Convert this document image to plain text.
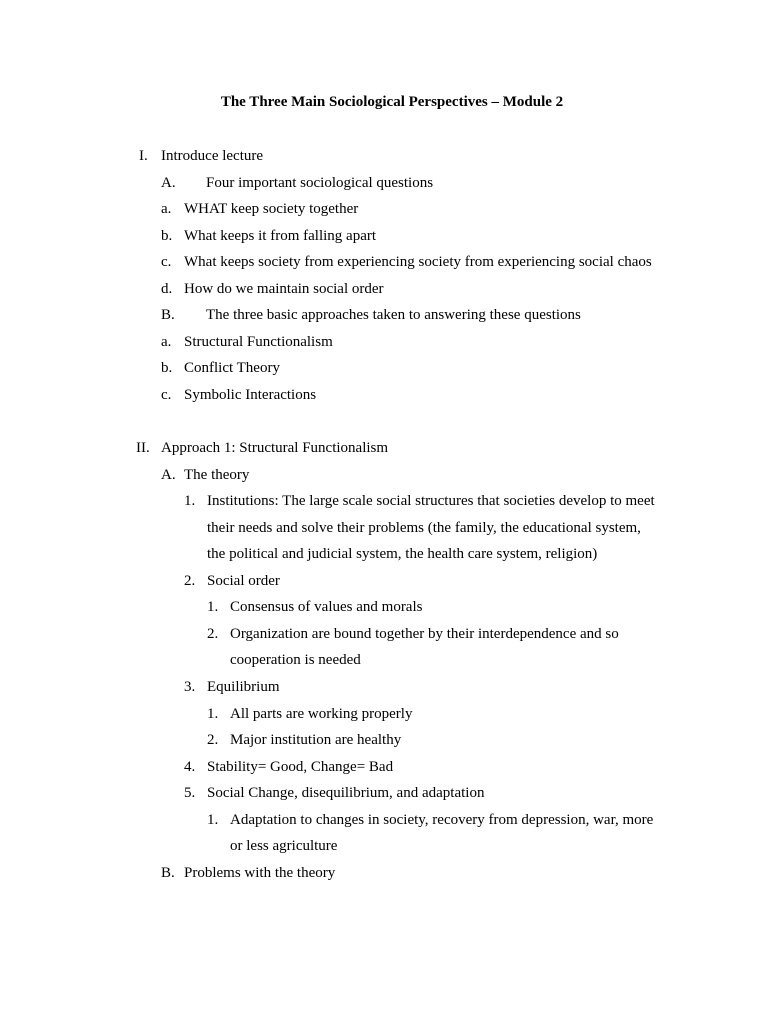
The Three Main Sociological Perspectives – Module 2
I. Introduce lecture
A. Four important sociological questions
a. WHAT keep society together
b. What keeps it from falling apart
c. What keeps society from experiencing society from experiencing social chaos
d. How do we maintain social order
B. The three basic approaches taken to answering these questions
a. Structural Functionalism
b. Conflict Theory
c. Symbolic Interactions
II. Approach 1: Structural Functionalism
A. The theory
1. Institutions: The large scale social structures that societies develop to meet
their needs and solve their problems (the family, the educational system,
the political and judicial system, the health care system, religion)
2. Social order
1. Consensus of values and morals
2. Organization are bound together by their interdependence and so
cooperation is needed
3. Equilibrium
1. All parts are working properly
2. Major institution are healthy
4. Stability= Good, Change= Bad
5. Social Change, disequilibrium, and adaptation
1. Adaptation to changes in society, recovery from depression, war, more
or less agriculture
B. Problems with the theory
